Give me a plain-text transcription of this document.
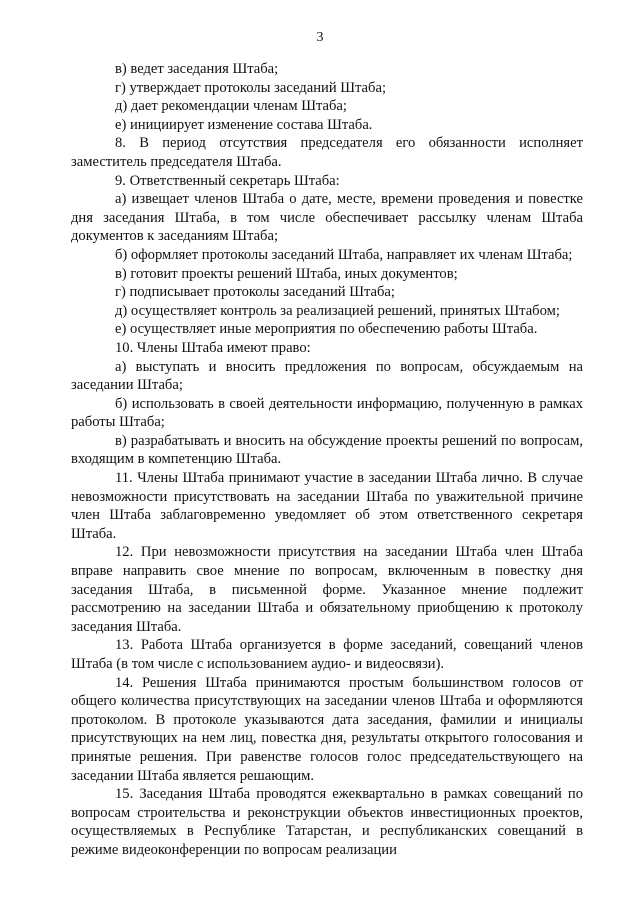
3

в) ведет заседания Штаба;

г) утверждает протоколы заседаний Штаба;

д) дает рекомендации членам Штаба;

е) инициирует изменение состава Штаба.

8. В период отсутствия председателя его обязанности исполняет заместитель председателя Штаба.

9. Ответственный секретарь Штаба:

а) извещает членов Штаба о дате, месте, времени проведения и повестке дня заседания Штаба, в том числе обеспечивает рассылку членам Штаба документов к заседаниям Штаба;

б) оформляет протоколы заседаний Штаба, направляет их членам Штаба;

в) готовит проекты решений Штаба, иных документов;

г) подписывает протоколы заседаний Штаба;

д) осуществляет контроль за реализацией решений, принятых Штабом;

е) осуществляет иные мероприятия по обеспечению работы Штаба.

10. Члены Штаба имеют право:

а) выступать и вносить предложения по вопросам, обсуждаемым на заседании Штаба;

б) использовать в своей деятельности информацию, полученную в рамках работы Штаба;

в) разрабатывать и вносить на обсуждение проекты решений по вопросам, входящим в компетенцию Штаба.

11. Члены Штаба принимают участие в заседании Штаба лично. В случае невозможности присутствовать на заседании Штаба по уважительной причине член Штаба заблаговременно уведомляет об этом ответственного секретаря Штаба.

12. При невозможности присутствия на заседании Штаба член Штаба вправе направить свое мнение по вопросам, включенным в повестку дня заседания Штаба, в письменной форме. Указанное мнение подлежит рассмотрению на заседании Штаба и обязательному приобщению к протоколу заседания Штаба.

13. Работа Штаба организуется в форме заседаний, совещаний членов Штаба (в том числе с использованием аудио- и видеосвязи).

14. Решения Штаба принимаются простым большинством голосов от общего количества присутствующих на заседании членов Штаба и оформляются протоколом. В протоколе указываются дата заседания, фамилии и инициалы присутствующих на нем лиц, повестка дня, результаты открытого голосования и принятые решения. При равенстве голосов голос председательствующего на заседании Штаба является решающим.

15. Заседания Штаба проводятся ежеквартально в рамках совещаний по вопросам строительства и реконструкции объектов инвестиционных проектов, осуществляемых в Республике Татарстан, и республиканских совещаний в режиме видеоконференции по вопросам реализации
